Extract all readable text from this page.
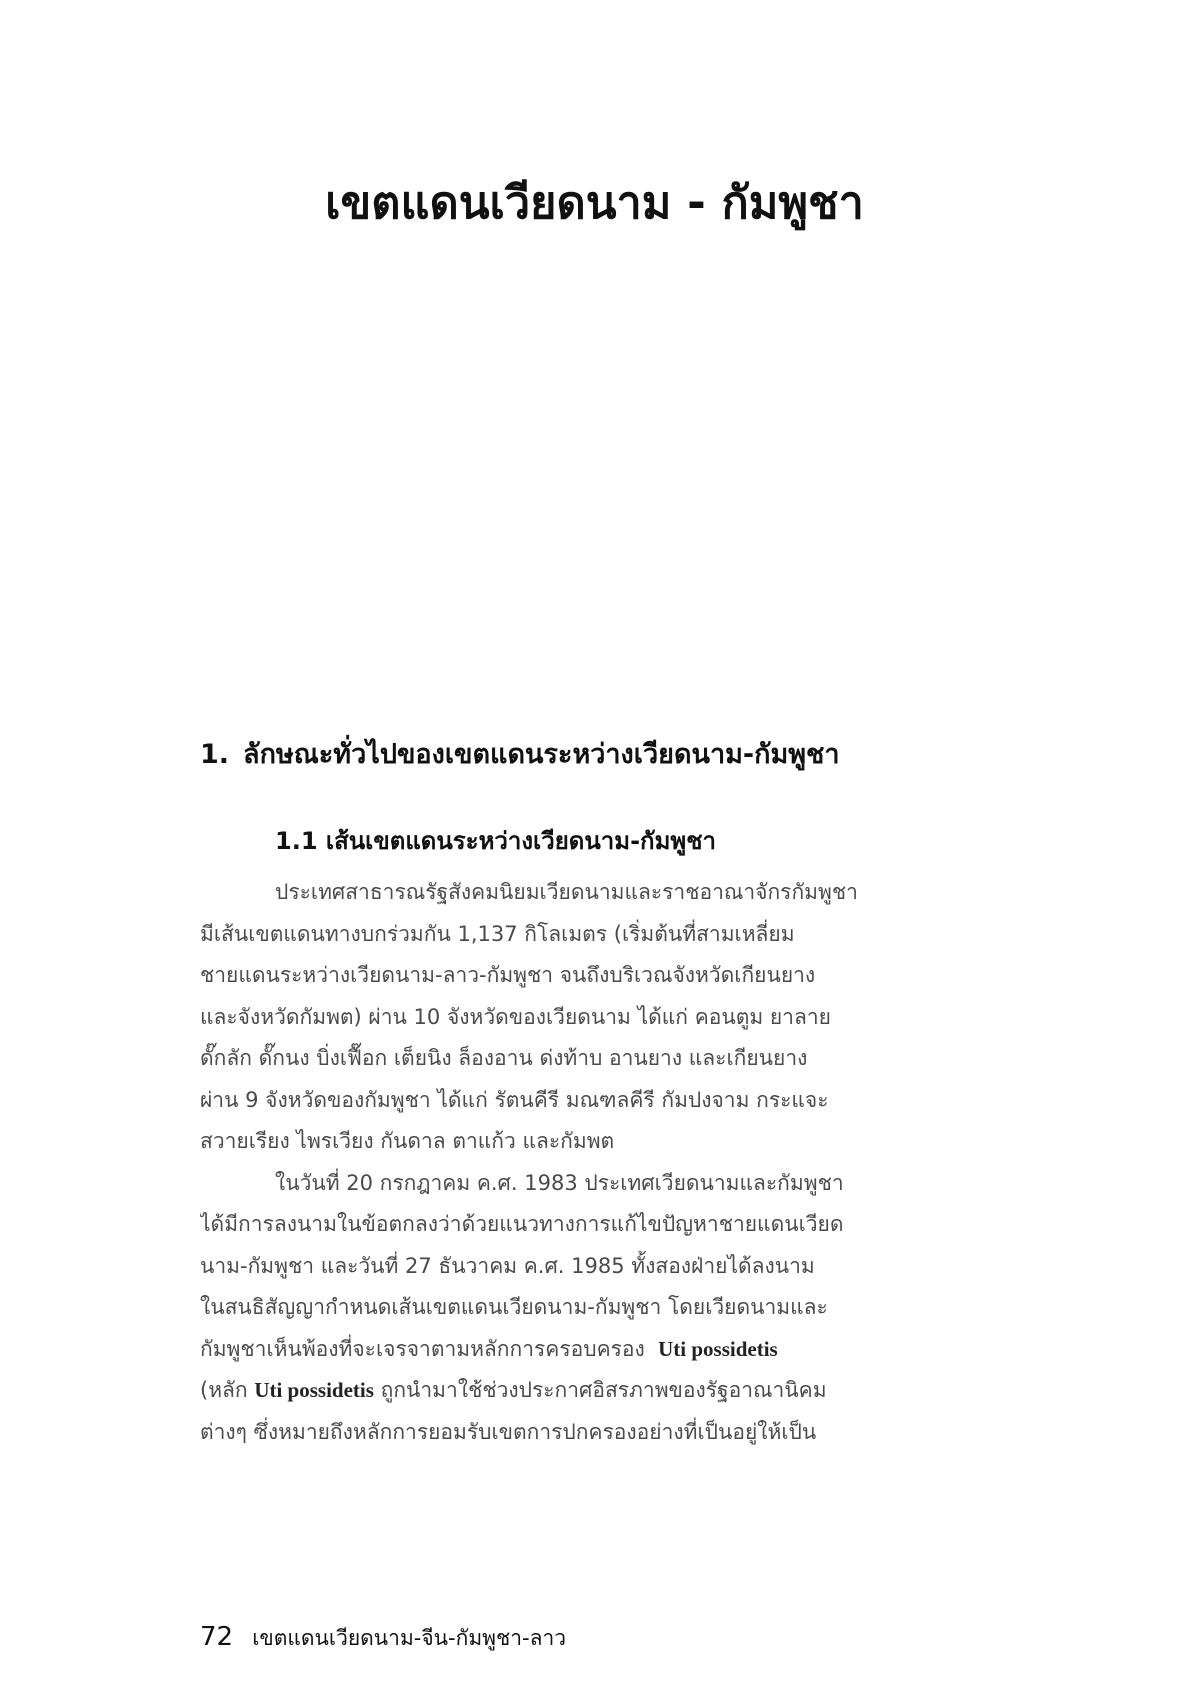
เขตแดนเวียดนาม - กัมพูชา
1. ลักษณะทั่วไปของเขตแดนระหว่างเวียดนาม-กัมพูชา
1.1 เส้นเขตแดนระหว่างเวียดนาม-กัมพูชา
ประเทศสาธารณรัฐสังคมนิยมเวียดนามและราชอาณาจักรกัมพูชา
มีเส้นเขตแดนทางบกร่วมกัน 1,137 กิโลเมตร (เริ่มต้นที่สามเหลี่ยม
ชายแดนระหว่างเวียดนาม-ลาว-กัมพูชา จนถึงบริเวณจังหวัดเกียนยาง
และจังหวัดกัมพต) ผ่าน 10 จังหวัดของเวียดนาม ได้แก่ คอนตูม ยาลาย
ดั๊กลัก ดั๊กนง บิ่งเฟื๊อก เต็ยนิง ล็องอาน ด่งท้าบ อานยาง และเกียนยาง
ผ่าน 9 จังหวัดของกัมพูชา ได้แก่ รัตนคีรี มณฑลคีรี กัมปงจาม กระแจะ
สวายเรียง ไพรเวียง กันดาล ตาแก้ว และกัมพต
ในวันที่ 20 กรกฎาคม ค.ศ. 1983 ประเทศเวียดนามและกัมพูชา
ได้มีการลงนามในข้อตกลงว่าด้วยแนวทางการแก้ไขปัญหาชายแดนเวียด
นาม-กัมพูชา และวันที่ 27 ธันวาคม ค.ศ. 1985 ทั้งสองฝ่ายได้ลงนาม
ในสนธิสัญญากำหนดเส้นเขตแดนเวียดนาม-กัมพูชา โดยเวียดนามและ
กัมพูชาเห็นพ้องที่จะเจรจาตามหลักการครอบครอง Uti possidetis
(หลัก Uti possidetis ถูกนำมาใช้ช่วงประกาศอิสรภาพของรัฐอาณานิคม
ต่างๆ ซึ่งหมายถึงหลักการยอมรับเขตการปกครองอย่างที่เป็นอยู่ให้เป็น
72 เขตแดนเวียดนาม-จีน-กัมพูชา-ลาว
